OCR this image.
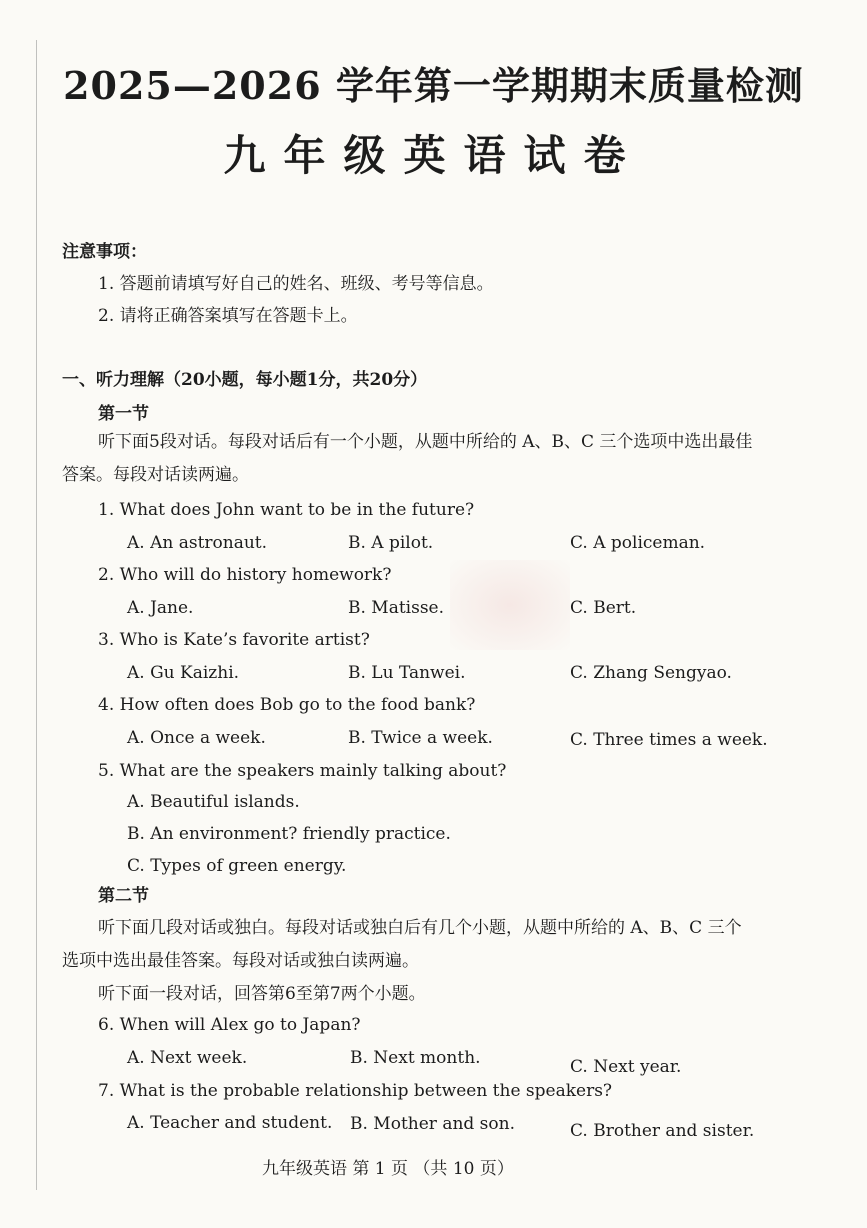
2025—2026 学年第一学期期末质量检测
九年级英语试卷
注意事项：
1. 答题前请填写好自己的姓名、班级、考号等信息。
2. 请将正确答案填写在答题卡上。
一、听力理解（20小题，每小题1分，共20分）
第一节
听下面5段对话。每段对话后有一个小题，从题中所给的 A、B、C 三个选项中选出最佳
答案。每段对话读两遍。
1. What does John want to be in the future?
A. An astronaut.	B. A pilot.	C. A policeman.
2. Who will do history homework?
A. Jane.	B. Matisse.	C. Bert.
3. Who is Kate’s favorite artist?
A. Gu Kaizhi.	B. Lu Tanwei.	C. Zhang Sengyao.
4. How often does Bob go to the food bank?
A. Once a week.	B. Twice a week.	C. Three times a week.
5. What are the speakers mainly talking about?
A. Beautiful islands.
B. An environment? friendly practice.
C. Types of green energy.
第二节
听下面几段对话或独白。每段对话或独白后有几个小题，从题中所给的 A、B、C 三个
选项中选出最佳答案。每段对话或独白读两遍。
听下面一段对话，回答第6至第7两个小题。
6. When will Alex go to Japan?
A. Next week.	B. Next month.	C. Next year.
7. What is the probable relationship between the speakers?
A. Teacher and student. B. Mother and son.	C. Brother and sister.
九年级英语 第 1 页 （共 10 页）
